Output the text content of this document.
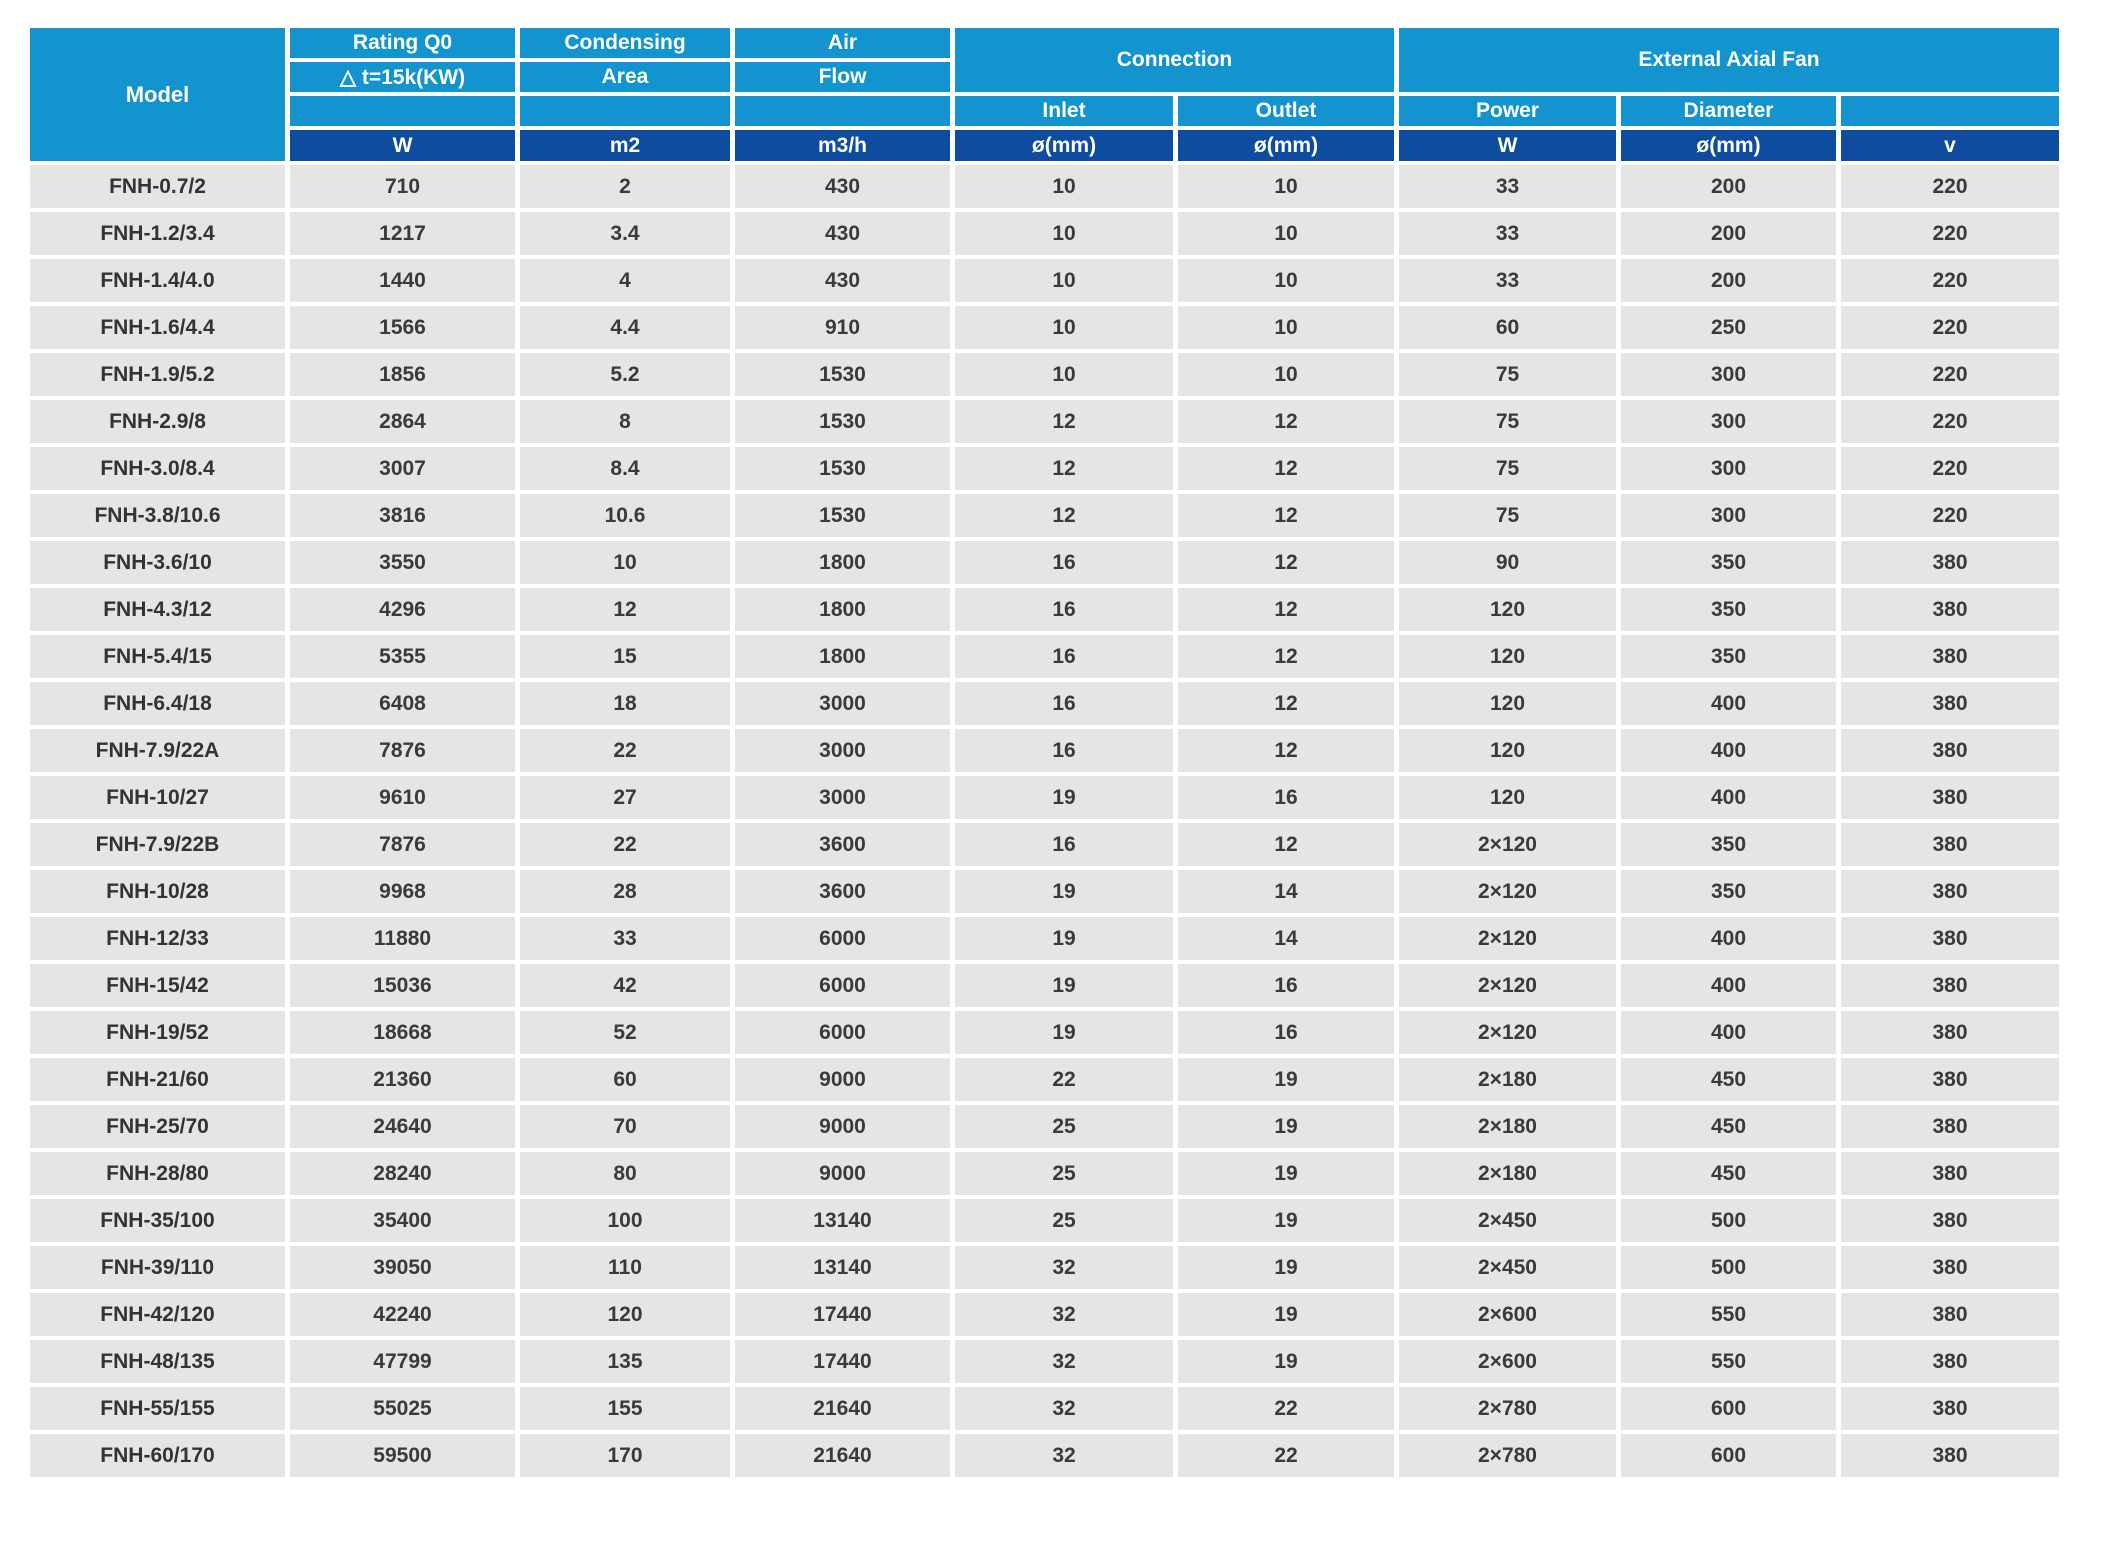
Model	Rating Q0	Condensing	Air	Connection		External Axial Fan		
	△ t=15k(KW)	Area	Flow					
				Inlet	Outlet	Power	Diameter	
	W	m2	m3/h	ø(mm)	ø(mm)	W	ø(mm)	v
FNH-0.7/2	710	2	430	10	10	33	200	220
FNH-1.2/3.4	1217	3.4	430	10	10	33	200	220
FNH-1.4/4.0	1440	4	430	10	10	33	200	220
FNH-1.6/4.4	1566	4.4	910	10	10	60	250	220
FNH-1.9/5.2	1856	5.2	1530	10	10	75	300	220
FNH-2.9/8	2864	8	1530	12	12	75	300	220
FNH-3.0/8.4	3007	8.4	1530	12	12	75	300	220
FNH-3.8/10.6	3816	10.6	1530	12	12	75	300	220
FNH-3.6/10	3550	10	1800	16	12	90	350	380
FNH-4.3/12	4296	12	1800	16	12	120	350	380
FNH-5.4/15	5355	15	1800	16	12	120	350	380
FNH-6.4/18	6408	18	3000	16	12	120	400	380
FNH-7.9/22A	7876	22	3000	16	12	120	400	380
FNH-10/27	9610	27	3000	19	16	120	400	380
FNH-7.9/22B	7876	22	3600	16	12	2×120	350	380
FNH-10/28	9968	28	3600	19	14	2×120	350	380
FNH-12/33	11880	33	6000	19	14	2×120	400	380
FNH-15/42	15036	42	6000	19	16	2×120	400	380
FNH-19/52	18668	52	6000	19	16	2×120	400	380
FNH-21/60	21360	60	9000	22	19	2×180	450	380
FNH-25/70	24640	70	9000	25	19	2×180	450	380
FNH-28/80	28240	80	9000	25	19	2×180	450	380
FNH-35/100	35400	100	13140	25	19	2×450	500	380
FNH-39/110	39050	110	13140	32	19	2×450	500	380
FNH-42/120	42240	120	17440	32	19	2×600	550	380
FNH-48/135	47799	135	17440	32	19	2×600	550	380
FNH-55/155	55025	155	21640	32	22	2×780	600	380
FNH-60/170	59500	170	21640	32	22	2×780	600	380
